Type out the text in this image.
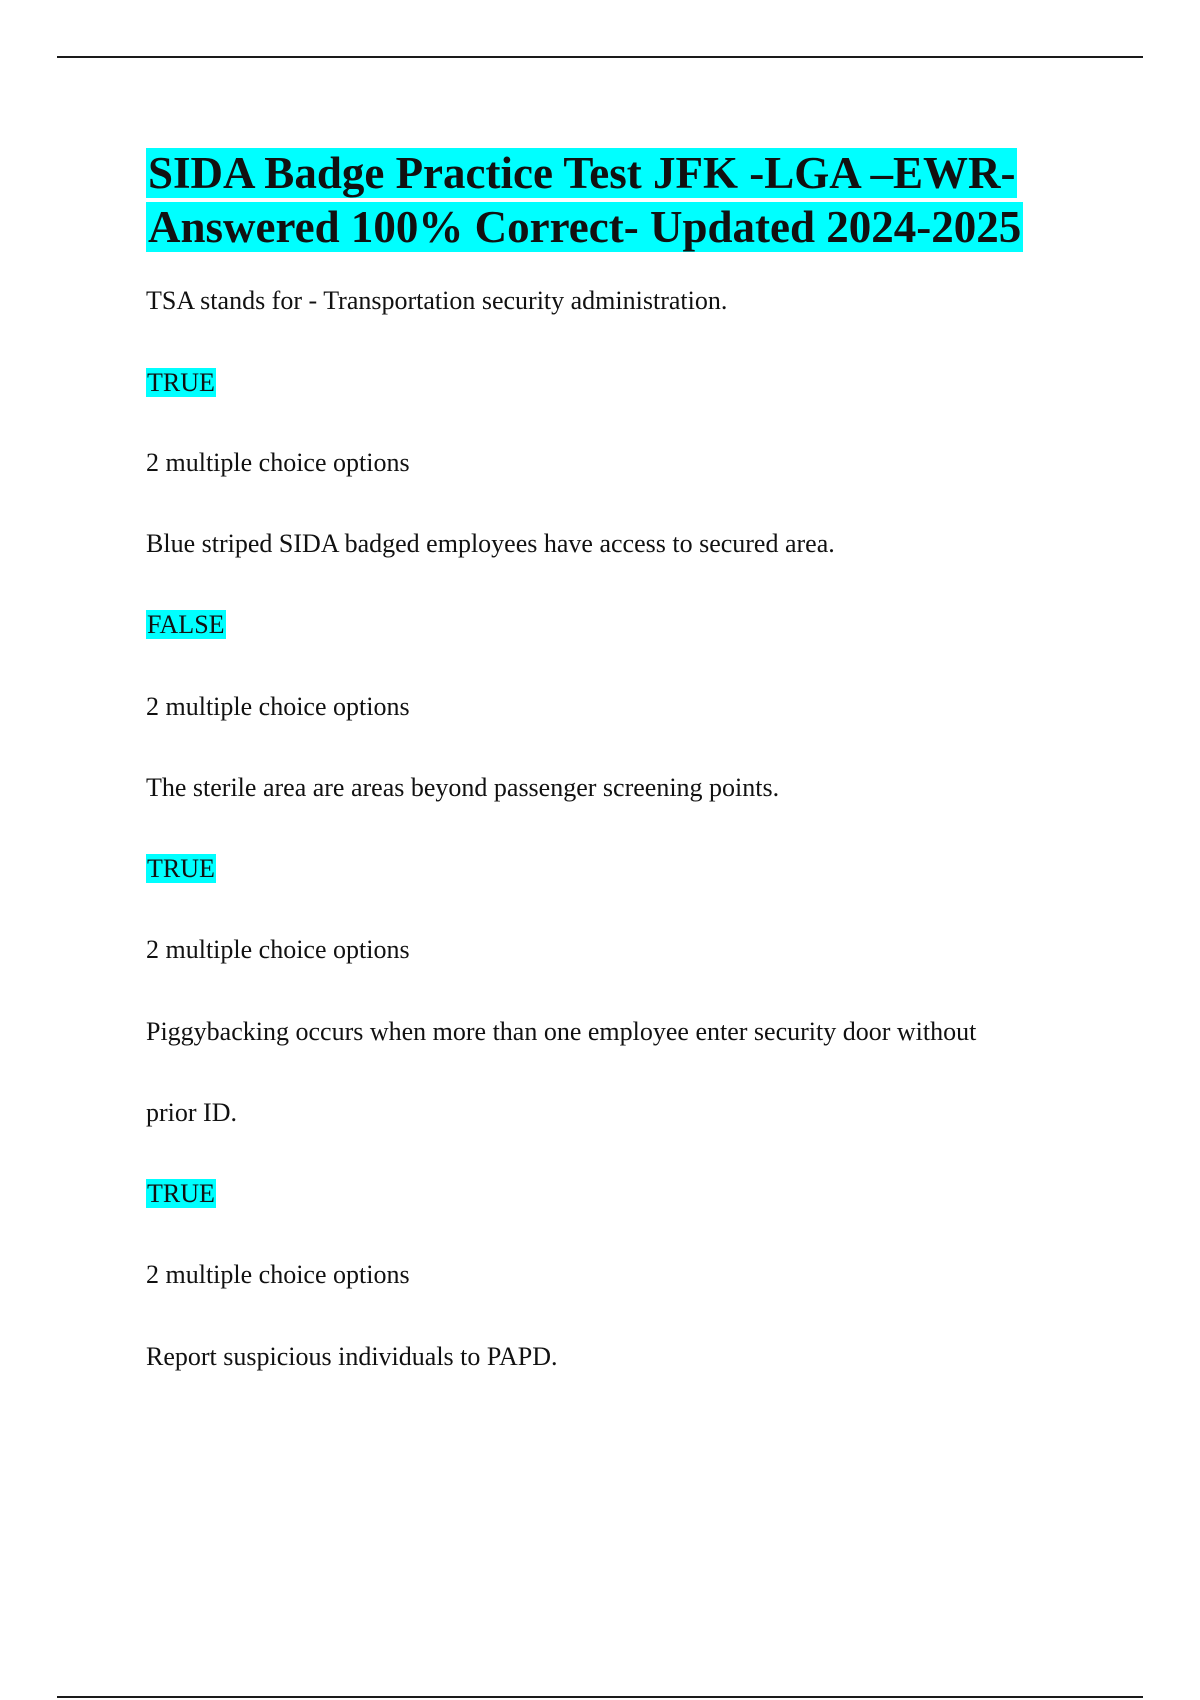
SIDA Badge Practice Test JFK -LGA –EWR-
Answered 100% Correct- Updated 2024-2025
TSA stands for - Transportation security administration.
TRUE
2 multiple choice options
Blue striped SIDA badged employees have access to secured area.
FALSE
2 multiple choice options
The sterile area are areas beyond passenger screening points.
TRUE
2 multiple choice options
Piggybacking occurs when more than one employee enter security door without
prior ID.
TRUE
2 multiple choice options
Report suspicious individuals to PAPD.
